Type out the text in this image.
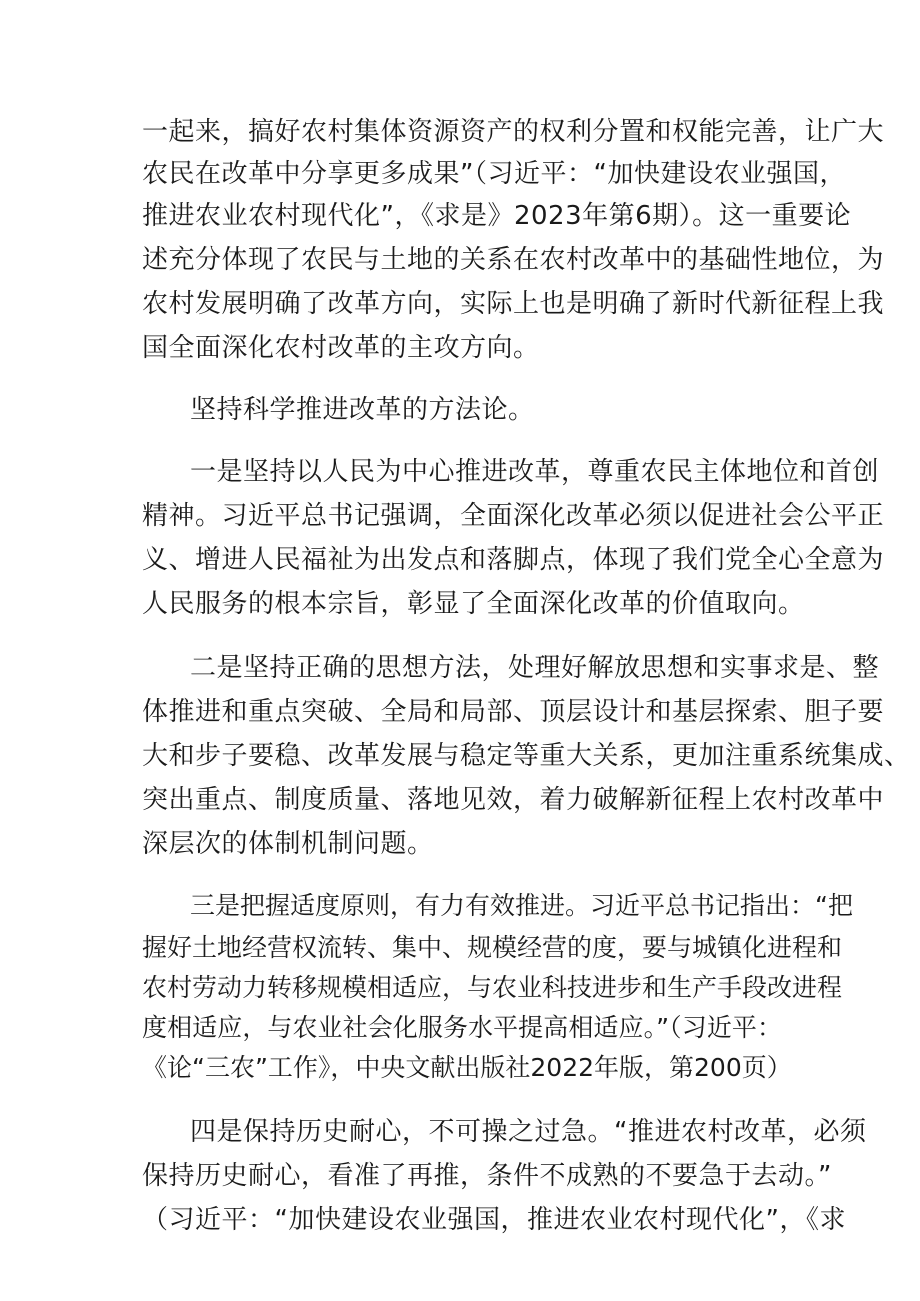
一起来，搞好农村集体资源资产的权利分置和权能完善，让广大

农民在改革中分享更多成果”（习近平：“加快建设农业强国，

推进农业农村现代化”，《求是》2023年第6期）。这一重要论

述充分体现了农民与土地的关系在农村改革中的基础性地位，为

农村发展明确了改革方向，实际上也是明确了新时代新征程上我

国全面深化农村改革的主攻方向。

坚持科学推进改革的方法论。

一是坚持以人民为中心推进改革，尊重农民主体地位和首创

精神。习近平总书记强调，全面深化改革必须以促进社会公平正

义、增进人民福祉为出发点和落脚点，体现了我们党全心全意为

人民服务的根本宗旨，彰显了全面深化改革的价值取向。

二是坚持正确的思想方法，处理好解放思想和实事求是、整

体推进和重点突破、全局和局部、顶层设计和基层探索、胆子要

大和步子要稳、改革发展与稳定等重大关系，更加注重系统集成、

突出重点、制度质量、落地见效，着力破解新征程上农村改革中

深层次的体制机制问题。

三是把握适度原则，有力有效推进。习近平总书记指出：“把

握好土地经营权流转、集中、规模经营的度，要与城镇化进程和

农村劳动力转移规模相适应，与农业科技进步和生产手段改进程

度相适应，与农业社会化服务水平提高相适应。”（习近平：

《论“三农”工作》，中央文献出版社2022年版，第200页）

四是保持历史耐心，不可操之过急。“推进农村改革，必须

保持历史耐心，看准了再推，条件不成熟的不要急于去动。”

（习近平：“加快建设农业强国，推进农业农村现代化”，《求
